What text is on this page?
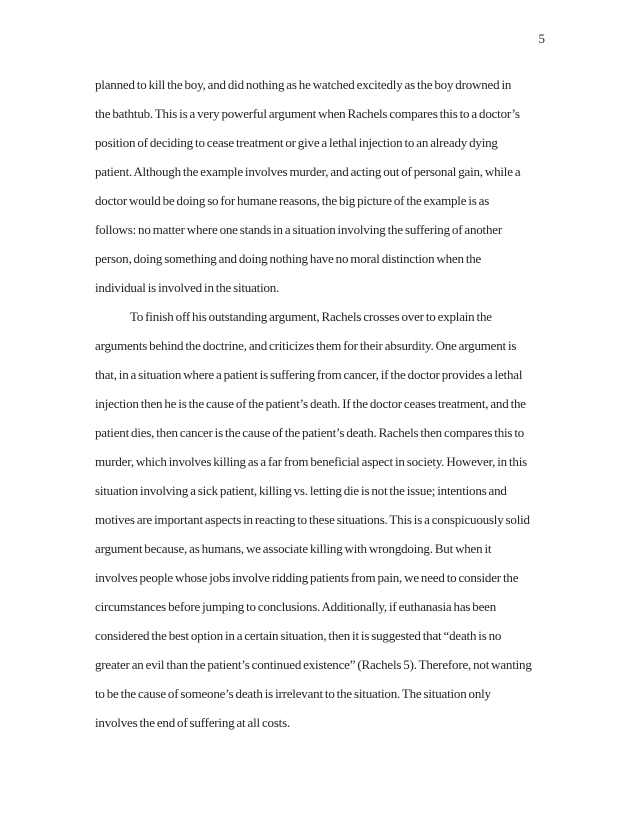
5
planned to kill the boy, and did nothing as he watched excitedly as the boy drowned in
the bathtub. This is a very powerful argument when Rachels compares this to a doctor’s
position of deciding to cease treatment or give a lethal injection to an already dying
patient. Although the example involves murder, and acting out of personal gain, while a
doctor would be doing so for humane reasons, the big picture of the example is as
follows: no matter where one stands in a situation involving the suffering of another
person, doing something and doing nothing have no moral distinction when the
individual is involved in the situation.
To finish off his outstanding argument, Rachels crosses over to explain the
arguments behind the doctrine, and criticizes them for their absurdity. One argument is
that, in a situation where a patient is suffering from cancer, if the doctor provides a lethal
injection then he is the cause of the patient’s death. If the doctor ceases treatment, and the
patient dies, then cancer is the cause of the patient’s death. Rachels then compares this to
murder, which involves killing as a far from beneficial aspect in society. However, in this
situation involving a sick patient, killing vs. letting die is not the issue; intentions and
motives are important aspects in reacting to these situations. This is a conspicuously solid
argument because, as humans, we associate killing with wrongdoing. But when it
involves people whose jobs involve ridding patients from pain, we need to consider the
circumstances before jumping to conclusions. Additionally, if euthanasia has been
considered the best option in a certain situation, then it is suggested that “death is no
greater an evil than the patient’s continued existence” (Rachels 5). Therefore, not wanting
to be the cause of someone’s death is irrelevant to the situation. The situation only
involves the end of suffering at all costs.
